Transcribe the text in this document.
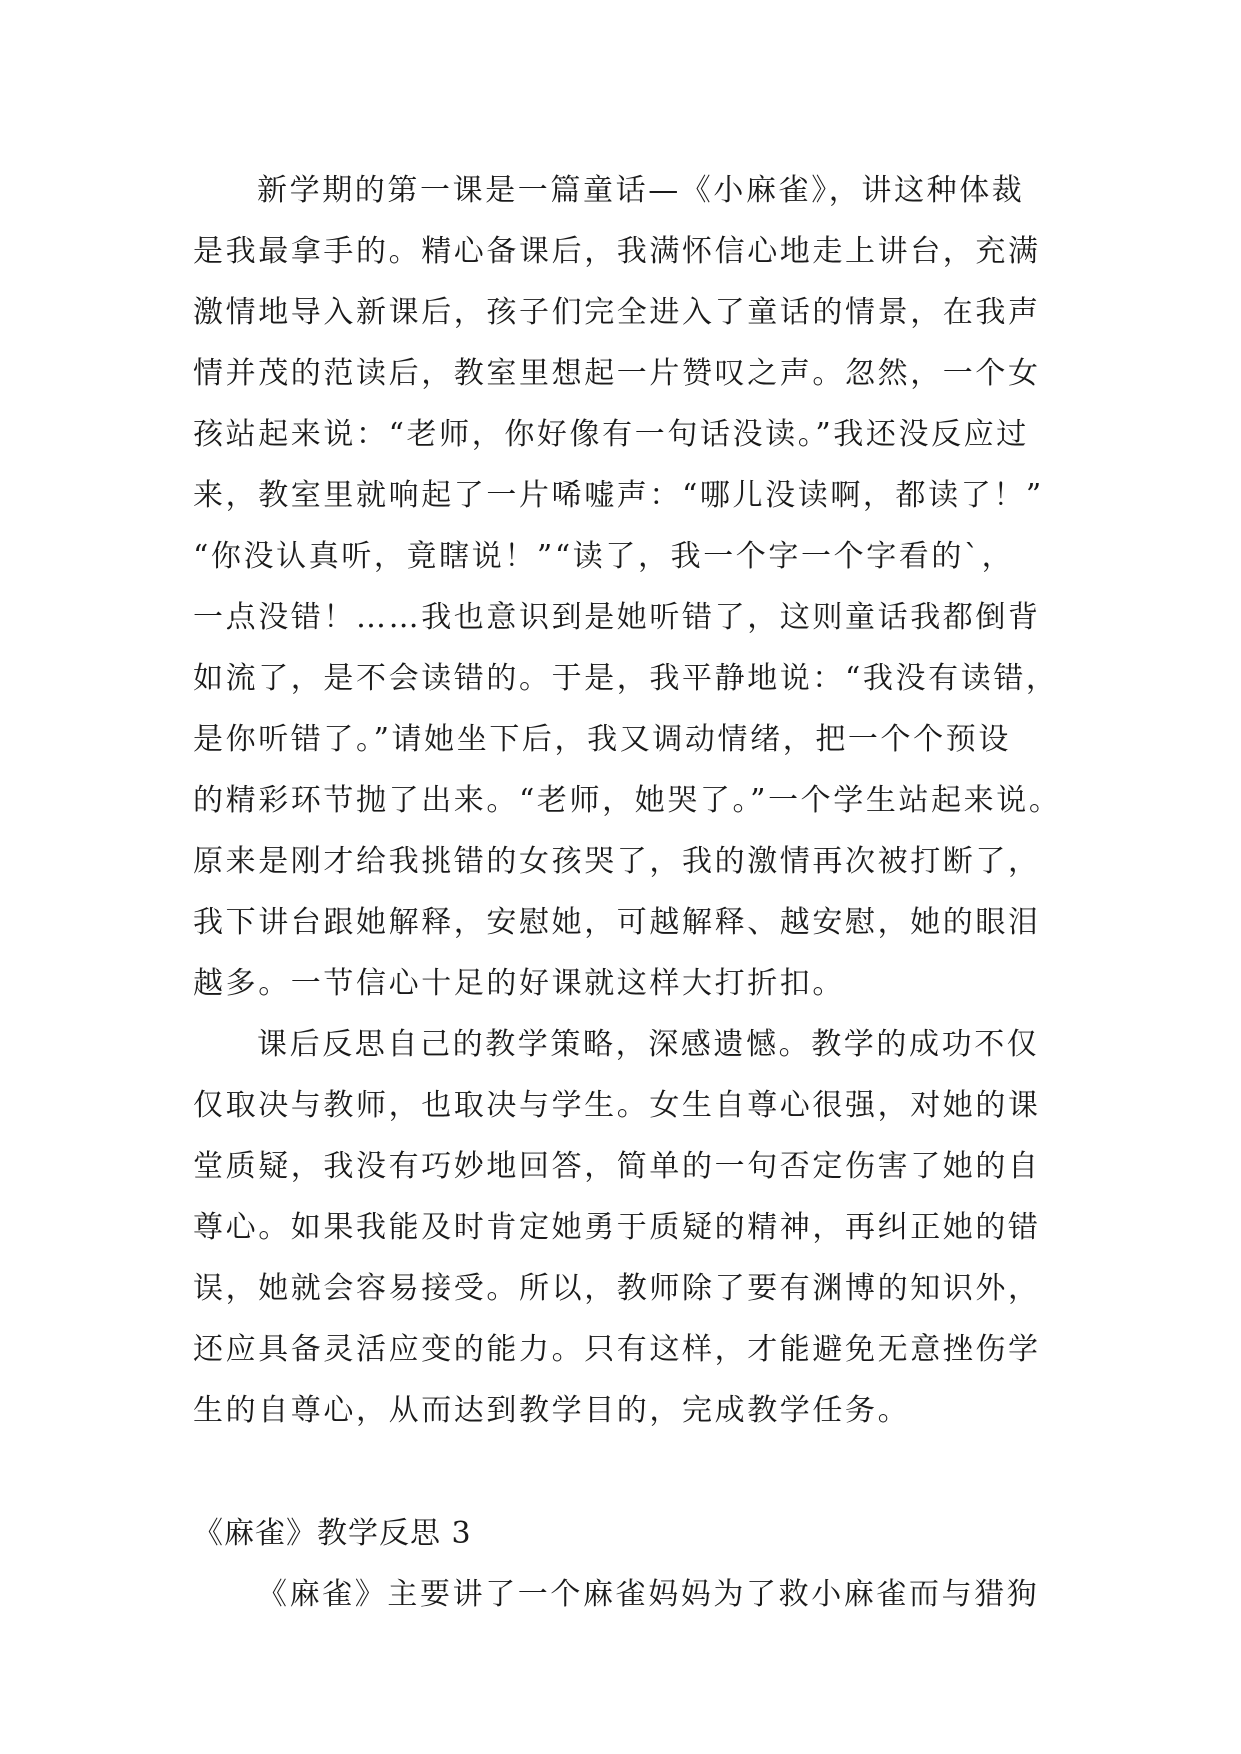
新学期的第一课是一篇童话—《小麻雀》，讲这种体裁
是我最拿手的。精心备课后，我满怀信心地走上讲台，充满
激情地导入新课后，孩子们完全进入了童话的情景，在我声
情并茂的范读后，教室里想起一片赞叹之声。忽然，一个女
孩站起来说：“老师，你好像有一句话没读。”我还没反应过
来，教室里就响起了一片唏嘘声：“哪儿没读啊，都读了！”
“你没认真听，竟瞎说！”“读了，我一个字一个字看的`，
一点没错！……我也意识到是她听错了，这则童话我都倒背
如流了，是不会读错的。于是，我平静地说：“我没有读错，
是你听错了。”请她坐下后，我又调动情绪，把一个个预设
的精彩环节抛了出来。“老师，她哭了。”一个学生站起来说。
原来是刚才给我挑错的女孩哭了，我的激情再次被打断了，
我下讲台跟她解释，安慰她，可越解释、越安慰，她的眼泪
越多。一节信心十足的好课就这样大打折扣。
课后反思自己的教学策略，深感遗憾。教学的成功不仅
仅取决与教师，也取决与学生。女生自尊心很强，对她的课
堂质疑，我没有巧妙地回答，简单的一句否定伤害了她的自
尊心。如果我能及时肯定她勇于质疑的精神，再纠正她的错
误，她就会容易接受。所以，教师除了要有渊博的知识外，
还应具备灵活应变的能力。只有这样，才能避免无意挫伤学
生的自尊心，从而达到教学目的，完成教学任务。
《麻雀》教学反思 3
《麻雀》主要讲了一个麻雀妈妈为了救小麻雀而与猎狗
